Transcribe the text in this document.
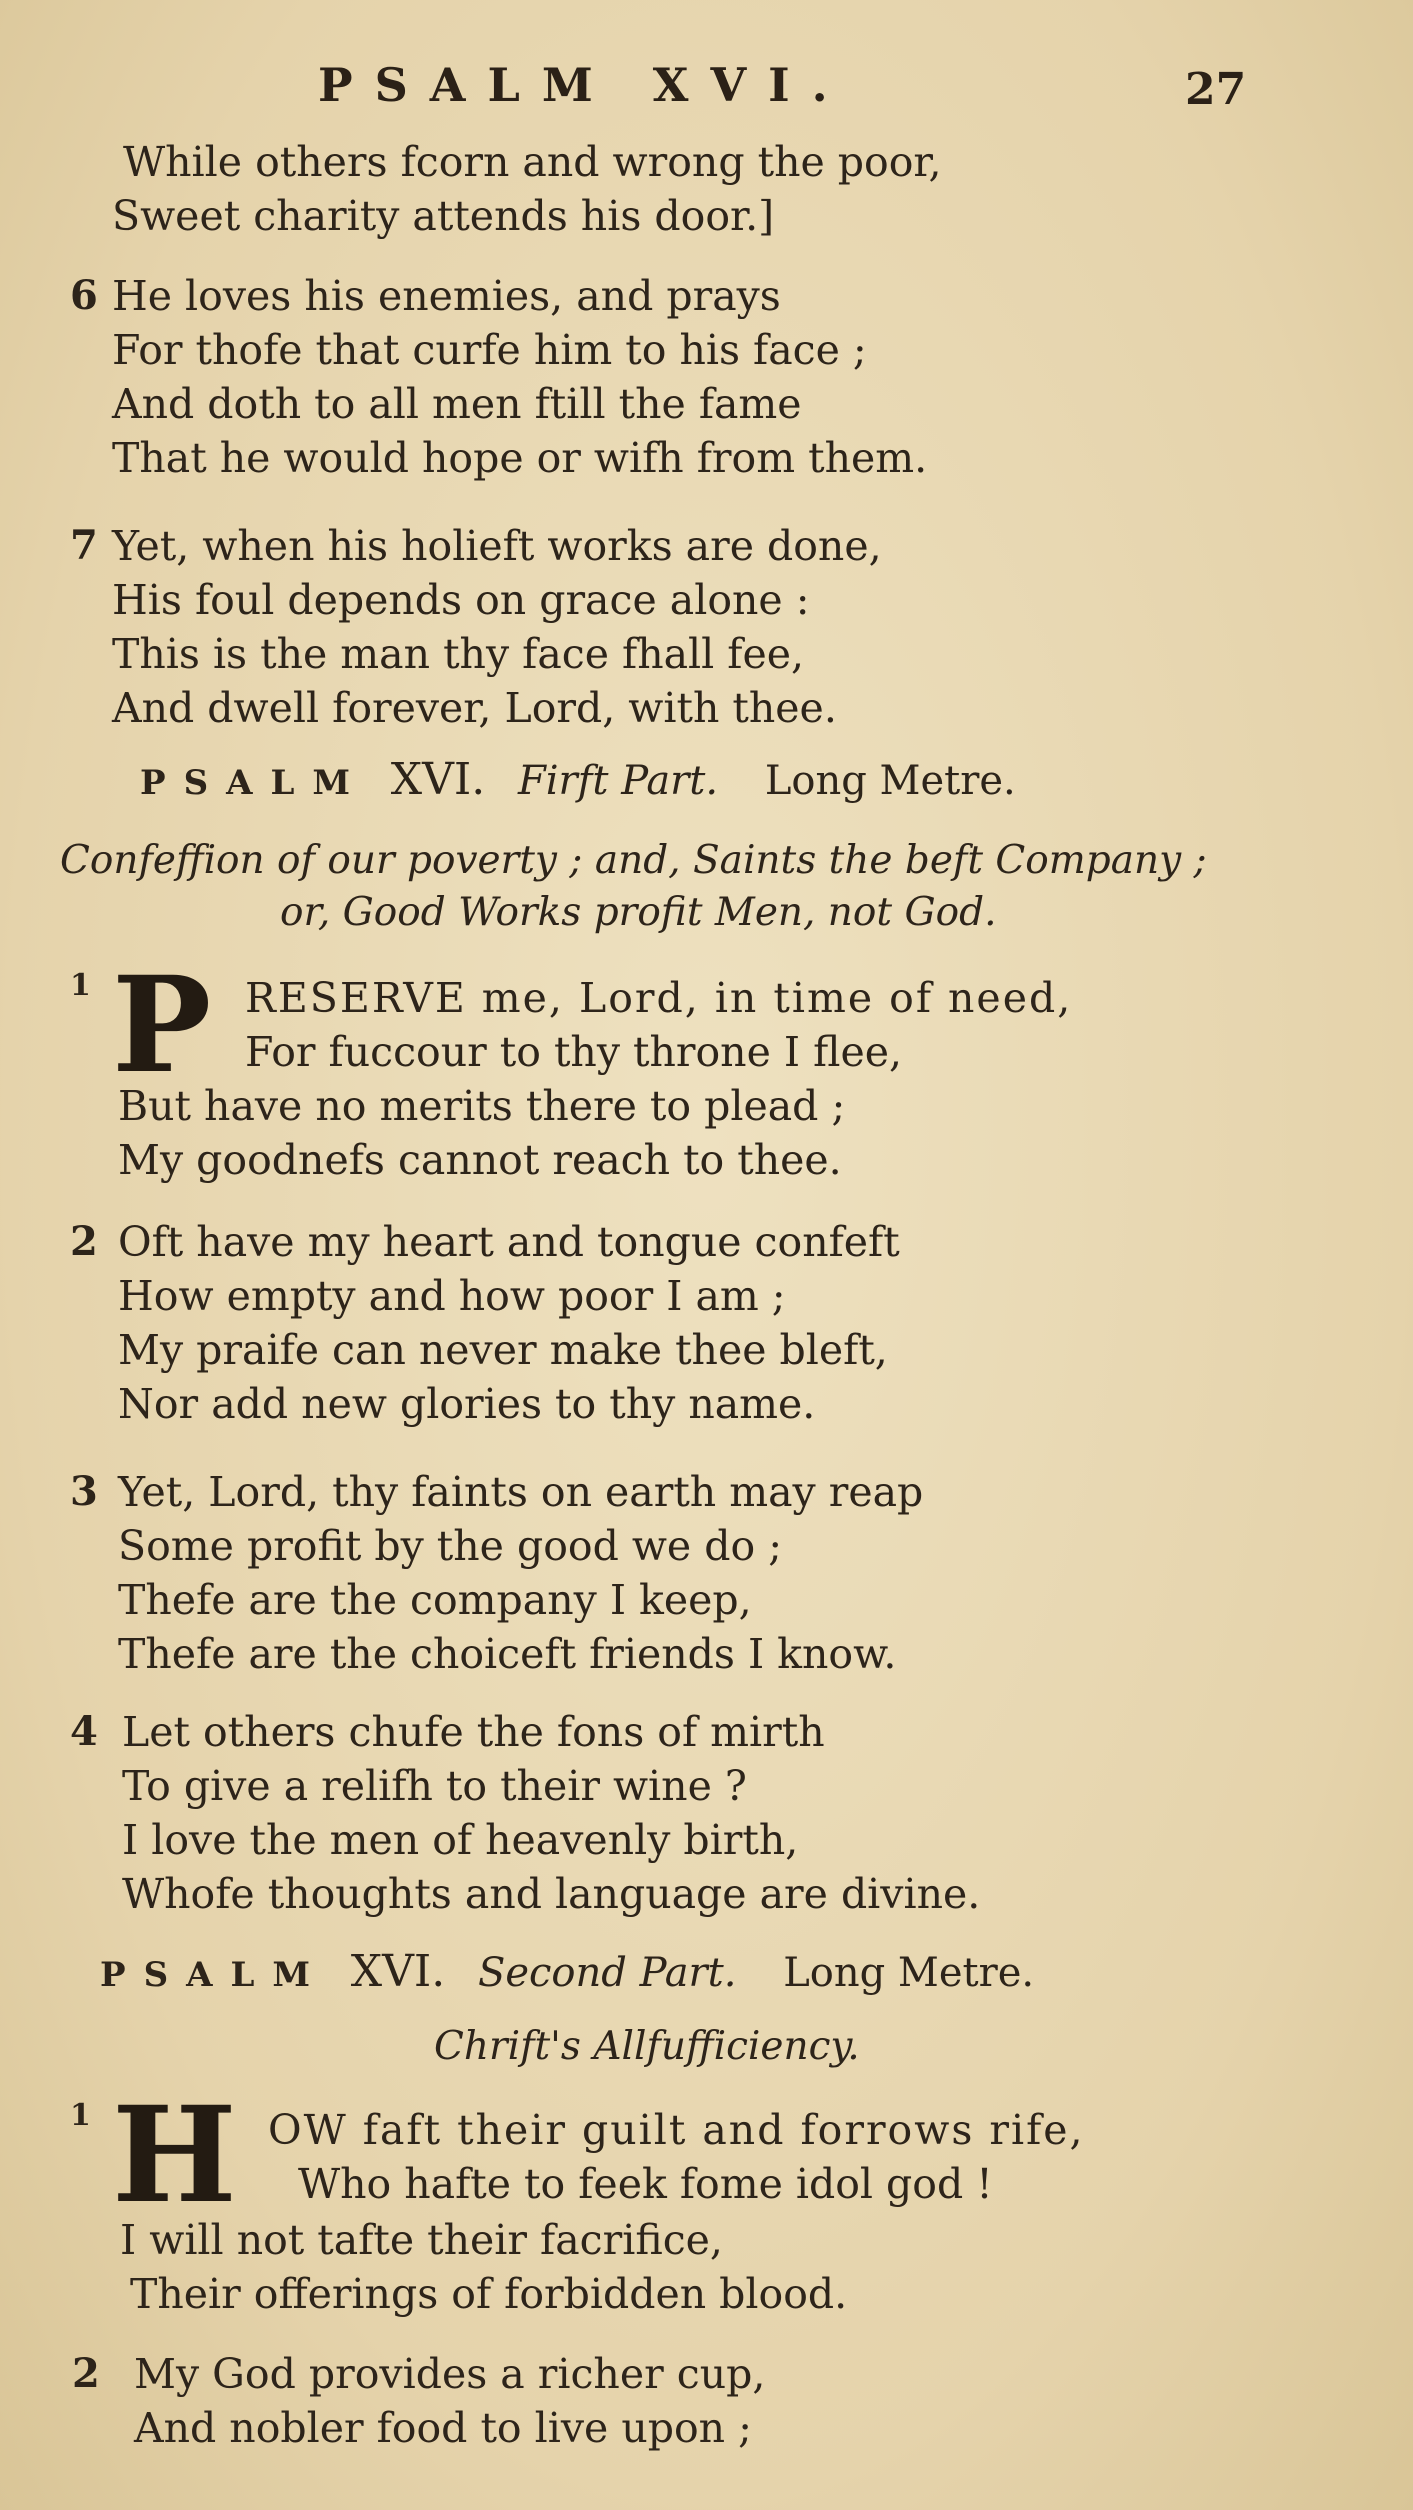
PSALM XVI.	27
While others fcorn and wrong the poor,
Sweet charity attends his door.]
6 He loves his enemies, and prays
For thofe that curfe him to his face ;
And doth to all men ftill the fame
That he would hope or wifh from them.
7 Yet, when his holieft works are done,
His foul depends on grace alone :
This is the man thy face fhall fee,
And dwell forever, Lord, with thee.
PSALM XVI. Firft Part. Long Metre.
Confeffion of our poverty ; and, Saints the beft Company ;
or, Good Works profit Men, not God.
1 P RESERVE me, Lord, in time of need,
For fuccour to thy throne I flee,
But have no merits there to plead ;
My goodnefs cannot reach to thee.
2 Oft have my heart and tongue confeft
How empty and how poor I am ;
My praife can never make thee bleft,
Nor add new glories to thy name.
3 Yet, Lord, thy faints on earth may reap
Some profit by the good we do ;
Thefe are the company I keep,
Thefe are the choiceft friends I know.
4 Let others chufe the fons of mirth
To give a relifh to their wine ?
I love the men of heavenly birth,
Whofe thoughts and language are divine.
PSALM XVI. Second Part. Long Metre.
Chrift's Allfufficiency.
1 H OW faft their guilt and forrows rife,
Who hafte to feek fome idol god !
I will not tafte their facrifice,
Their offerings of forbidden blood.
2 My God provides a richer cup,
And nobler food to live upon ;
